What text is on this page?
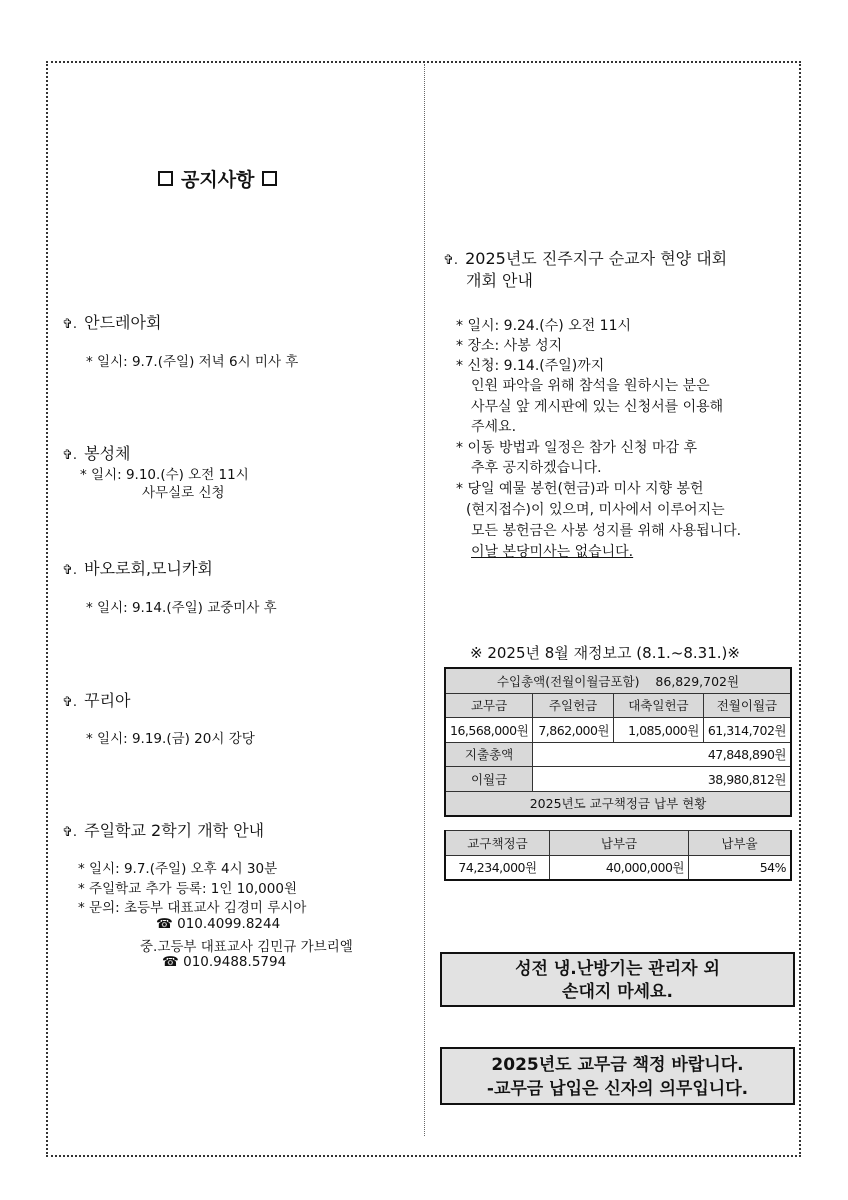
공지사항
✞. 안드레아회
* 일시: 9.7.(주일) 저녁 6시 미사 후
✞. 봉성체
* 일시: 9.10.(수) 오전 11시
사무실로 신청
✞. 바오로회,모니카회
* 일시: 9.14.(주일) 교중미사 후
✞. 꾸리아
* 일시: 9.19.(금) 20시 강당
✞. 주일학교 2학기 개학 안내
* 일시: 9.7.(주일) 오후 4시 30분
* 주일학교 추가 등록: 1인 10,000원
* 문의: 초등부 대표교사 김경미 루시아
☎ 010.4099.8244
중.고등부 대표교사 김민규 가브리엘
☎ 010.9488.5794
✞. 2025년도 진주지구 순교자 현양 대회
개회 안내
* 일시: 9.24.(수) 오전 11시
* 장소: 사봉 성지
* 신청: 9.14.(주일)까지
인원 파악을 위해 참석을 원하시는 분은
사무실 앞 게시판에 있는 신청서를 이용해
주세요.
* 이동 방법과 일정은 참가 신청 마감 후
추후 공지하겠습니다.
* 당일 예물 봉헌(현금)과 미사 지향 봉헌
(현지접수)이 있으며, 미사에서 이루어지는
모든 봉헌금은 사봉 성지를 위해 사용됩니다.
이날 본당미사는 없습니다.
※ 2025년 8월 재정보고 (8.1.~8.31.)※
수입총액(전월이월금포함) 86,829,702원			
교무금	주일헌금	대축일헌금	전월이월금
16,568,000원	7,862,000원	1,085,000원	61,314,702원
지출총액	47,848,890원		
이월금	38,980,812원		
2025년도 교구책정금 납부 현황			
교구책정금	납부금	납부율
74,234,000원	40,000,000원	54%
성전 냉.난방기는 관리자 외
손대지 마세요.
2025년도 교무금 책정 바랍니다.
-교무금 납입은 신자의 의무입니다.
